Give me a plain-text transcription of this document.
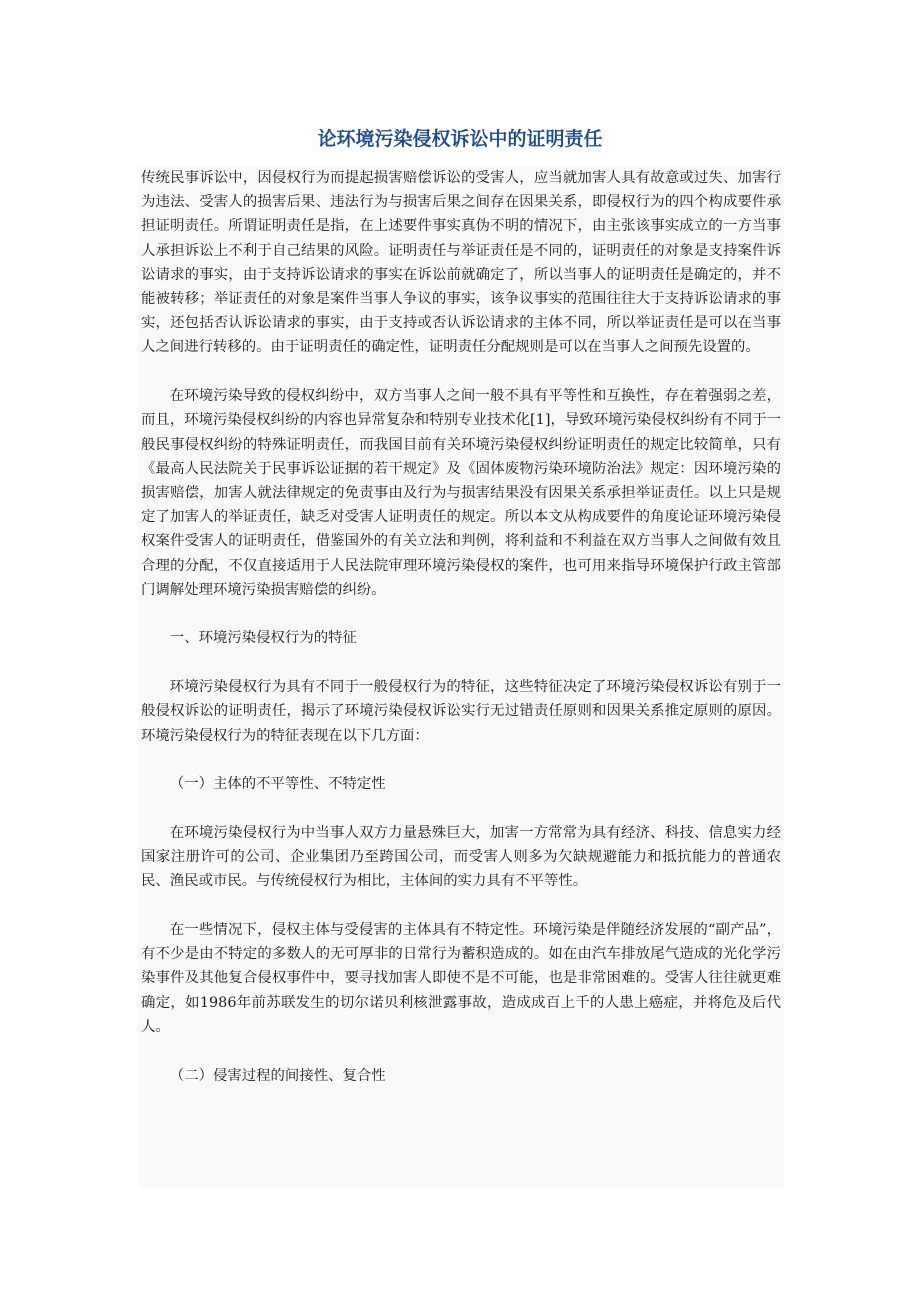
论环境污染侵权诉讼中的证明责任

传统民事诉讼中，因侵权行为而提起损害赔偿诉讼的受害人，应当就加害人具有故意或过失、加害行为违法、受害人的损害后果、违法行为与损害后果之间存在因果关系，即侵权行为的四个构成要件承担证明责任。所谓证明责任是指，在上述要件事实真伪不明的情况下，由主张该事实成立的一方当事人承担诉讼上不利于自己结果的风险。证明责任与举证责任是不同的，证明责任的对象是支持案件诉讼请求的事实，由于支持诉讼请求的事实在诉讼前就确定了，所以当事人的证明责任是确定的，并不能被转移；举证责任的对象是案件当事人争议的事实，该争议事实的范围往往大于支持诉讼请求的事实，还包括否认诉讼请求的事实，由于支持或否认诉讼请求的主体不同，所以举证责任是可以在当事人之间进行转移的。由于证明责任的确定性，证明责任分配规则是可以在当事人之间预先设置的。

在环境污染导致的侵权纠纷中，双方当事人之间一般不具有平等性和互换性，存在着强弱之差，而且，环境污染侵权纠纷的内容也异常复杂和特别专业技术化[1]，导致环境污染侵权纠纷有不同于一般民事侵权纠纷的特殊证明责任，而我国目前有关环境污染侵权纠纷证明责任的规定比较简单，只有《最高人民法院关于民事诉讼证据的若干规定》及《固体废物污染环境防治法》规定：因环境污染的损害赔偿，加害人就法律规定的免责事由及行为与损害结果没有因果关系承担举证责任。以上只是规定了加害人的举证责任，缺乏对受害人证明责任的规定。所以本文从构成要件的角度论证环境污染侵权案件受害人的证明责任，借鉴国外的有关立法和判例，将利益和不利益在双方当事人之间做有效且合理的分配，不仅直接适用于人民法院审理环境污染侵权的案件，也可用来指导环境保护行政主管部门调解处理环境污染损害赔偿的纠纷。

一、环境污染侵权行为的特征

环境污染侵权行为具有不同于一般侵权行为的特征，这些特征决定了环境污染侵权诉讼有别于一般侵权诉讼的证明责任，揭示了环境污染侵权诉讼实行无过错责任原则和因果关系推定原则的原因。环境污染侵权行为的特征表现在以下几方面：

（一）主体的不平等性、不特定性

在环境污染侵权行为中当事人双方力量悬殊巨大，加害一方常常为具有经济、科技、信息实力经国家注册许可的公司、企业集团乃至跨国公司，而受害人则多为欠缺规避能力和抵抗能力的普通农民、渔民或市民。与传统侵权行为相比，主体间的实力具有不平等性。

在一些情况下，侵权主体与受侵害的主体具有不特定性。环境污染是伴随经济发展的“副产品”，有不少是由不特定的多数人的无可厚非的日常行为蓄积造成的。如在由汽车排放尾气造成的光化学污染事件及其他复合侵权事件中，要寻找加害人即使不是不可能，也是非常困难的。受害人往往就更难确定，如1986年前苏联发生的切尔诺贝利核泄露事故，造成成百上千的人患上癌症，并将危及后代人。

（二）侵害过程的间接性、复合性
